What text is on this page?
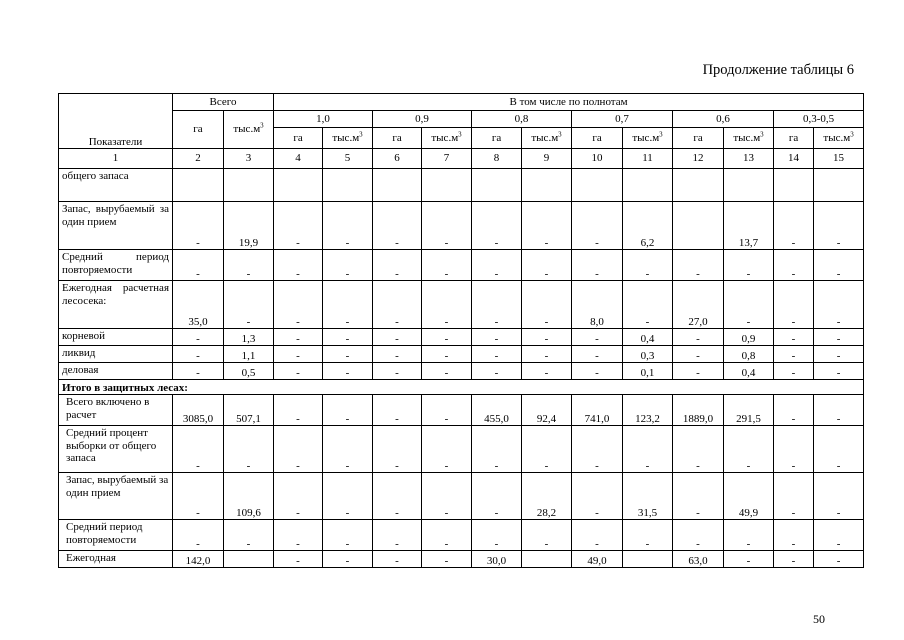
Продолжение таблицы 6
Показатели	Всего		В том числе по полнотам											
	га	$тыс.м^3$	1,0		0,9		0,8		0,7		0,6		0,3-0,5	
			га	$тыс.м^3$	га	$тыс.м^3$	га	$тыс.м^3$	га	$тыс.м^3$	га	$тыс.м^3$	га	$тыс.м^3$
1	2	3	4	5	6	7	8	9	10	11	12	13	14	15
общего запаса														
Запас, вырубаемый за один прием	-	19,9	-	-	-	-	-	-	-	6,2		13,7	-	-
Средний период повторяемости	-	-	-	-	-	-	-	-	-	-	-	-	-	-
Ежегодная расчетная лесосека:	35,0	-	-	-	-	-	-	-	8,0	-	27,0	-	-	-
корневой	-	1,3	-	-	-	-	-	-	-	0,4	-	0,9	-	-
ликвид	-	1,1	-	-	-	-	-	-	-	0,3	-	0,8	-	-
деловая	-	0,5	-	-	-	-	-	-	-	0,1	-	0,4	-	-
Итого в защитных лесах:														
Всего включено в расчет	3085,0	507,1	-	-	-	-	455,0	92,4	741,0	123,2	1889,0	291,5	-	-
Средний процент выборки от общего запаса	-	-	-	-	-	-	-	-	-	-	-	-	-	-
Запас, вырубаемый за один прием	-	109,6	-	-	-	-	-	28,2	-	31,5	-	49,9	-	-
Средний период повторяемости	-	-	-	-	-	-	-	-	-	-	-	-	-	-
Ежегодная	142,0		-	-	-	-	30,0		49,0		63,0	-	-	-
50
